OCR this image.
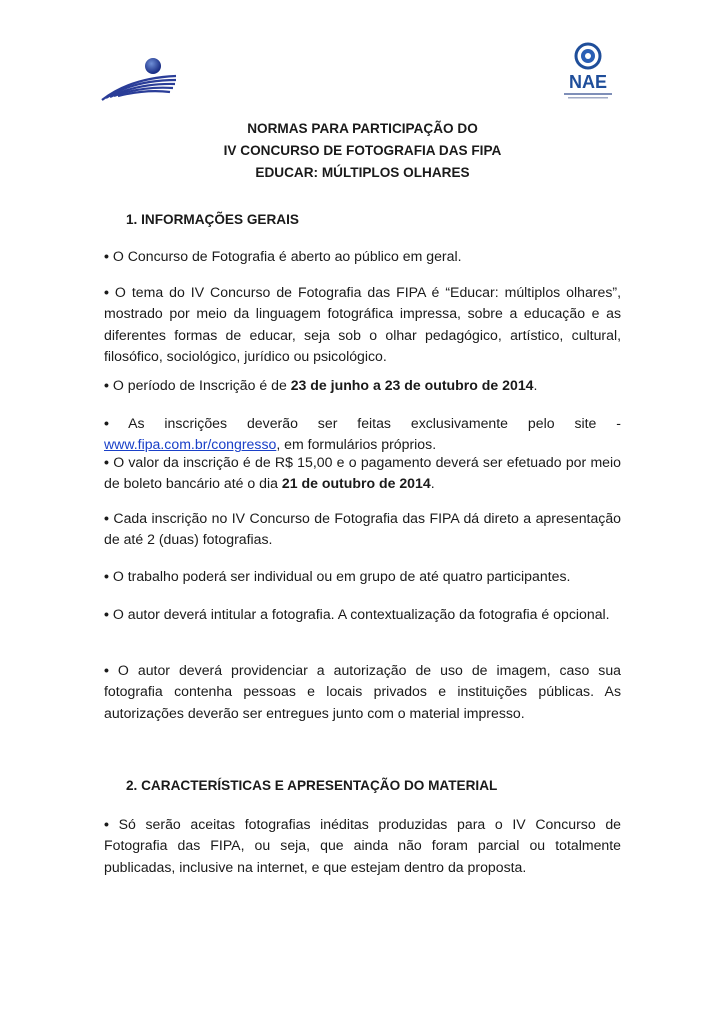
NAE
NORMAS PARA PARTICIPAÇÃO DO
IV CONCURSO DE FOTOGRAFIA DAS FIPA
EDUCAR: MÚLTIPLOS OLHARES
1. INFORMAÇÕES GERAIS
• O Concurso de Fotografia é aberto ao público em geral.
• O tema do IV Concurso de Fotografia das FIPA é “Educar: múltiplos olhares”, mostrado por meio da linguagem fotográfica impressa, sobre a educação e as diferentes formas de educar, seja sob o olhar pedagógico, artístico, cultural, filosófico, sociológico, jurídico ou psicológico.
• O período de Inscrição é de 23 de junho a 23 de outubro de 2014.
• As inscrições deverão ser feitas exclusivamente pelo site -
www.fipa.com.br/congresso, em formulários próprios.
• O valor da inscrição é de R$ 15,00 e o pagamento deverá ser efetuado por meio de boleto bancário até o dia 21 de outubro de 2014.
• Cada inscrição no IV Concurso de Fotografia das FIPA dá direto a apresentação de até 2 (duas) fotografias.
• O trabalho poderá ser individual ou em grupo de até quatro participantes.
• O autor deverá intitular a fotografia. A contextualização da fotografia é opcional.
• O autor deverá providenciar a autorização de uso de imagem, caso sua fotografia contenha pessoas e locais privados e instituições públicas. As autorizações deverão ser entregues junto com o material impresso.
2. CARACTERÍSTICAS E APRESENTAÇÃO DO MATERIAL
• Só serão aceitas fotografias inéditas produzidas para o IV Concurso de Fotografia das FIPA, ou seja, que ainda não foram parcial ou totalmente publicadas, inclusive na internet, e que estejam dentro da proposta.
